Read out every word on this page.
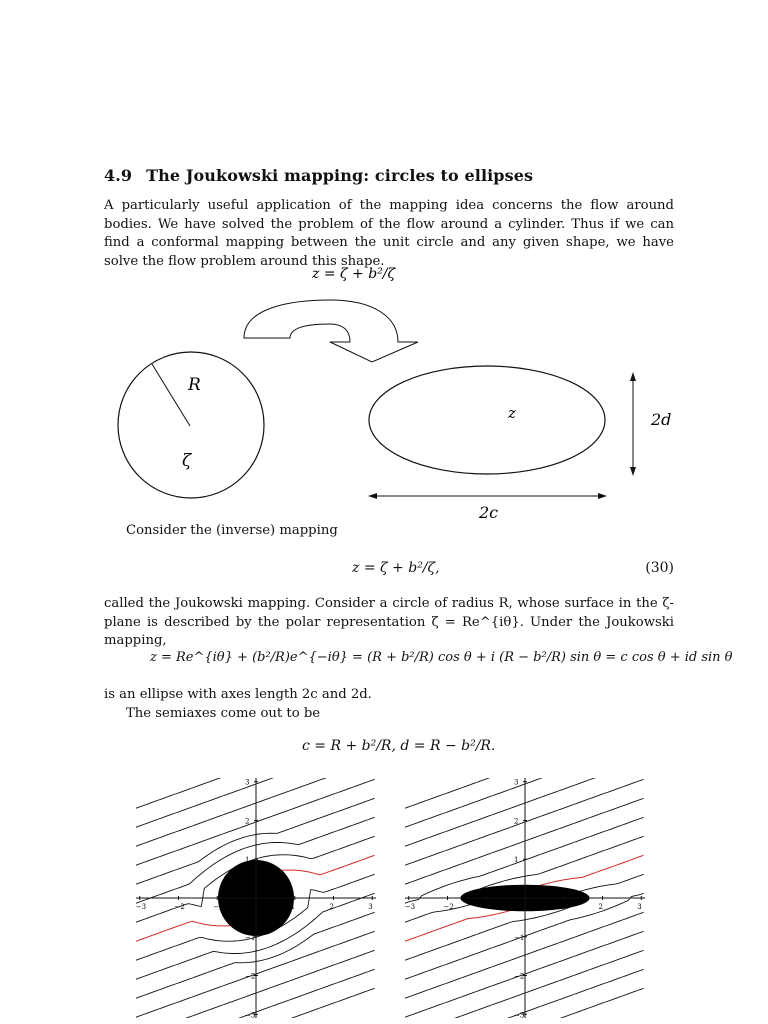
4.9 The Joukowski mapping: circles to ellipses

A particularly useful application of the mapping idea concerns the flow around bodies. We have solved the problem of the flow around a cylinder. Thus if we can find a conformal mapping between the unit circle and any given shape, we have solve the flow problem around this shape.

z = ζ + b²/ζ
R
ζ
z	2d
2c

Consider the (inverse) mapping

z = ζ + b²/ζ,	(30)

called the Joukowski mapping. Consider a circle of radius R, whose surface in the ζ-plane is described by the polar representation ζ = Re^{iθ}. Under the Joukowski mapping,

z = Re^{iθ} + (b²/R)e^{−iθ} = (R + b²/R) cos θ + i (R − b²/R) sin θ = c cos θ + id sin θ

is an ellipse with axes length 2c and 2d.

The semiaxes come out to be

c = R + b²/R, d = R − b²/R.
−3	−2	−1	1	2	3
3
2
1
−1
−2
−3
−3	−2	−1	1	2	3
3
2
1
−1
−2
−3
